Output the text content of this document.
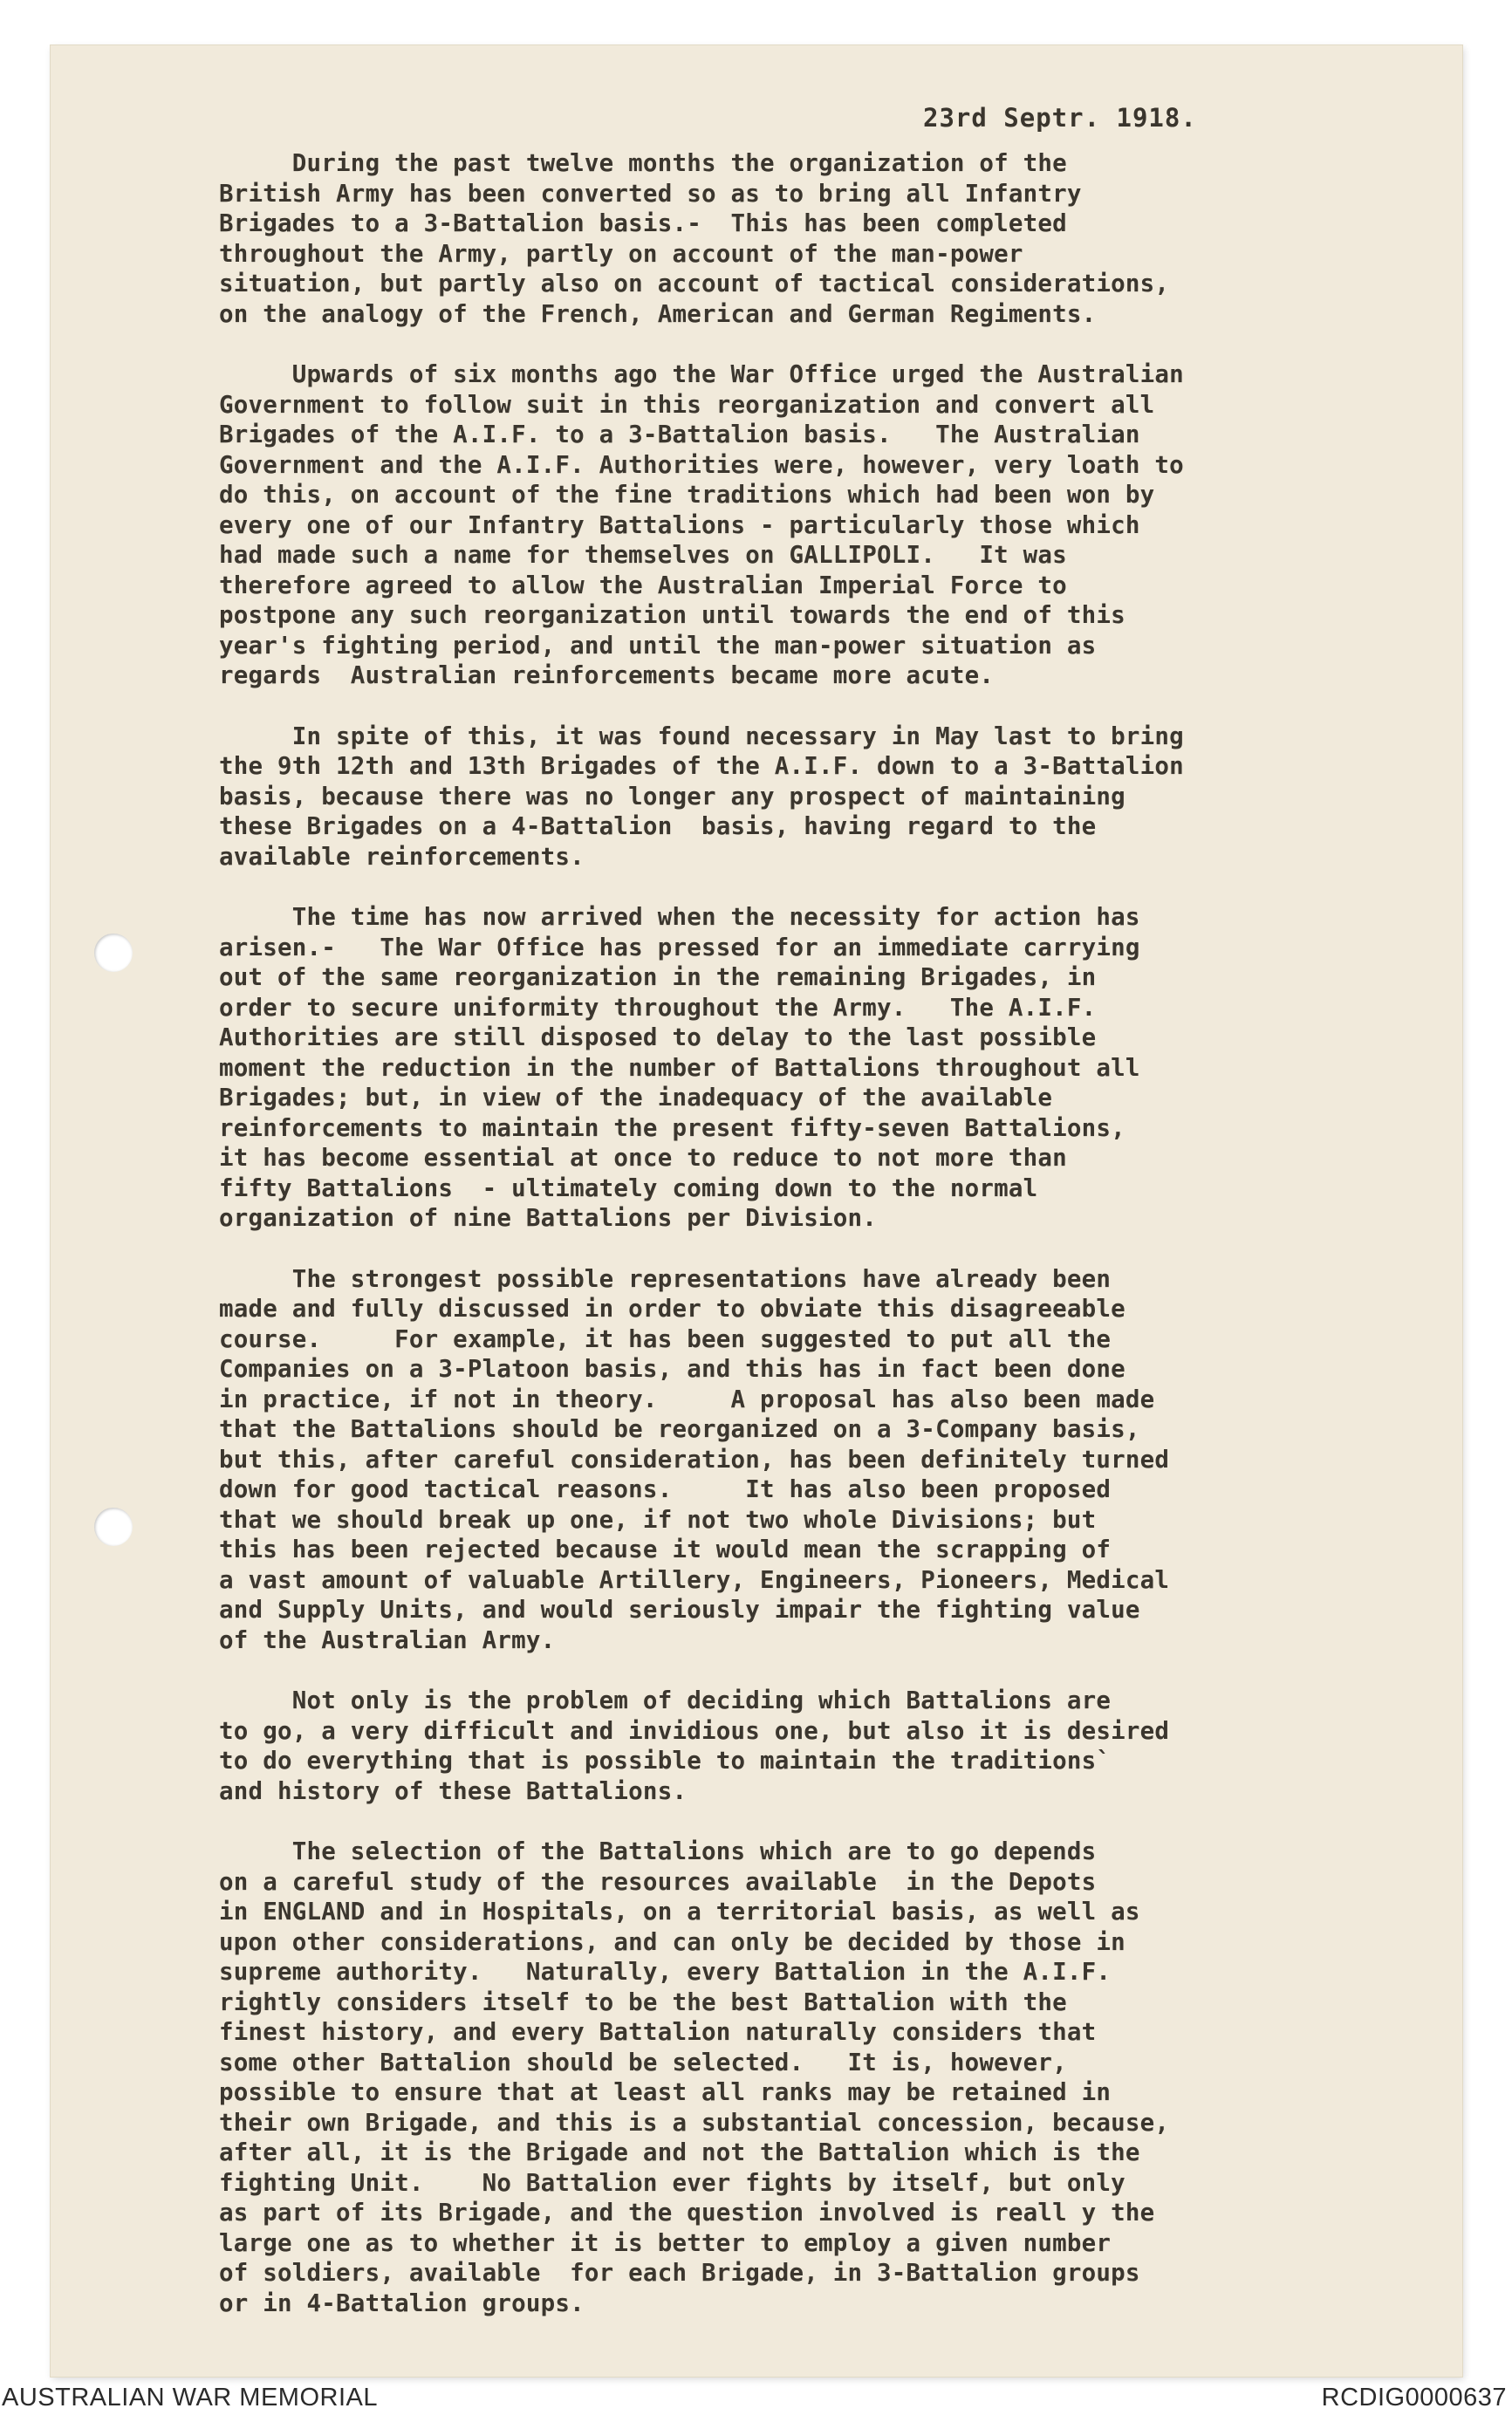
23rd Septr. 1918.

During the past twelve months the organization of the
British Army has been converted so as to bring all Infantry
Brigades to a 3-Battalion basis.-  This has been completed
throughout the Army, partly on account of the man-power
situation, but partly also on account of tactical considerations,
on the analogy of the French, American and German Regiments.

Upwards of six months ago the War Office urged the Australian
Government to follow suit in this reorganization and convert all
Brigades of the A.I.F. to a 3-Battalion basis.   The Australian
Government and the A.I.F. Authorities were, however, very loath to
do this, on account of the fine traditions which had been won by
every one of our Infantry Battalions - particularly those which
had made such a name for themselves on GALLIPOLI.   It was
therefore agreed to allow the Australian Imperial Force to
postpone any such reorganization until towards the end of this
year's fighting period, and until the man-power situation as
regards  Australian reinforcements became more acute.

In spite of this, it was found necessary in May last to bring
the 9th 12th and 13th Brigades of the A.I.F. down to a 3-Battalion
basis, because there was no longer any prospect of maintaining
these Brigades on a 4-Battalion  basis, having regard to the
available reinforcements.

The time has now arrived when the necessity for action has
arisen.-   The War Office has pressed for an immediate carrying
out of the same reorganization in the remaining Brigades, in
order to secure uniformity throughout the Army.   The A.I.F.
Authorities are still disposed to delay to the last possible
moment the reduction in the number of Battalions throughout all
Brigades; but, in view of the inadequacy of the available
reinforcements to maintain the present fifty-seven Battalions,
it has become essential at once to reduce to not more than
fifty Battalions  - ultimately coming down to the normal
organization of nine Battalions per Division.

The strongest possible representations have already been
made and fully discussed in order to obviate this disagreeable
course.     For example, it has been suggested to put all the
Companies on a 3-Platoon basis, and this has in fact been done
in practice, if not in theory.     A proposal has also been made
that the Battalions should be reorganized on a 3-Company basis,
but this, after careful consideration, has been definitely turned
down for good tactical reasons.     It has also been proposed
that we should break up one, if not two whole Divisions; but
this has been rejected because it would mean the scrapping of
a vast amount of valuable Artillery, Engineers, Pioneers, Medical
and Supply Units, and would seriously impair the fighting value
of the Australian Army.

Not only is the problem of deciding which Battalions are
to go, a very difficult and invidious one, but also it is desired
to do everything that is possible to maintain the traditions`
and history of these Battalions.

The selection of the Battalions which are to go depends
on a careful study of the resources available  in the Depots
in ENGLAND and in Hospitals, on a territorial basis, as well as
upon other considerations, and can only be decided by those in
supreme authority.   Naturally, every Battalion in the A.I.F.
rightly considers itself to be the best Battalion with the
finest history, and every Battalion naturally considers that
some other Battalion should be selected.   It is, however,
possible to ensure that at least all ranks may be retained in
their own Brigade, and this is a substantial concession, because,
after all, it is the Brigade and not the Battalion which is the
fighting Unit.    No Battalion ever fights by itself, but only
as part of its Brigade, and the question involved is reall y the
large one as to whether it is better to employ a given number
of soldiers, available  for each Brigade, in 3-Battalion groups
or in 4-Battalion groups.

AUSTRALIAN WAR MEMORIAL	RCDIG0000637
